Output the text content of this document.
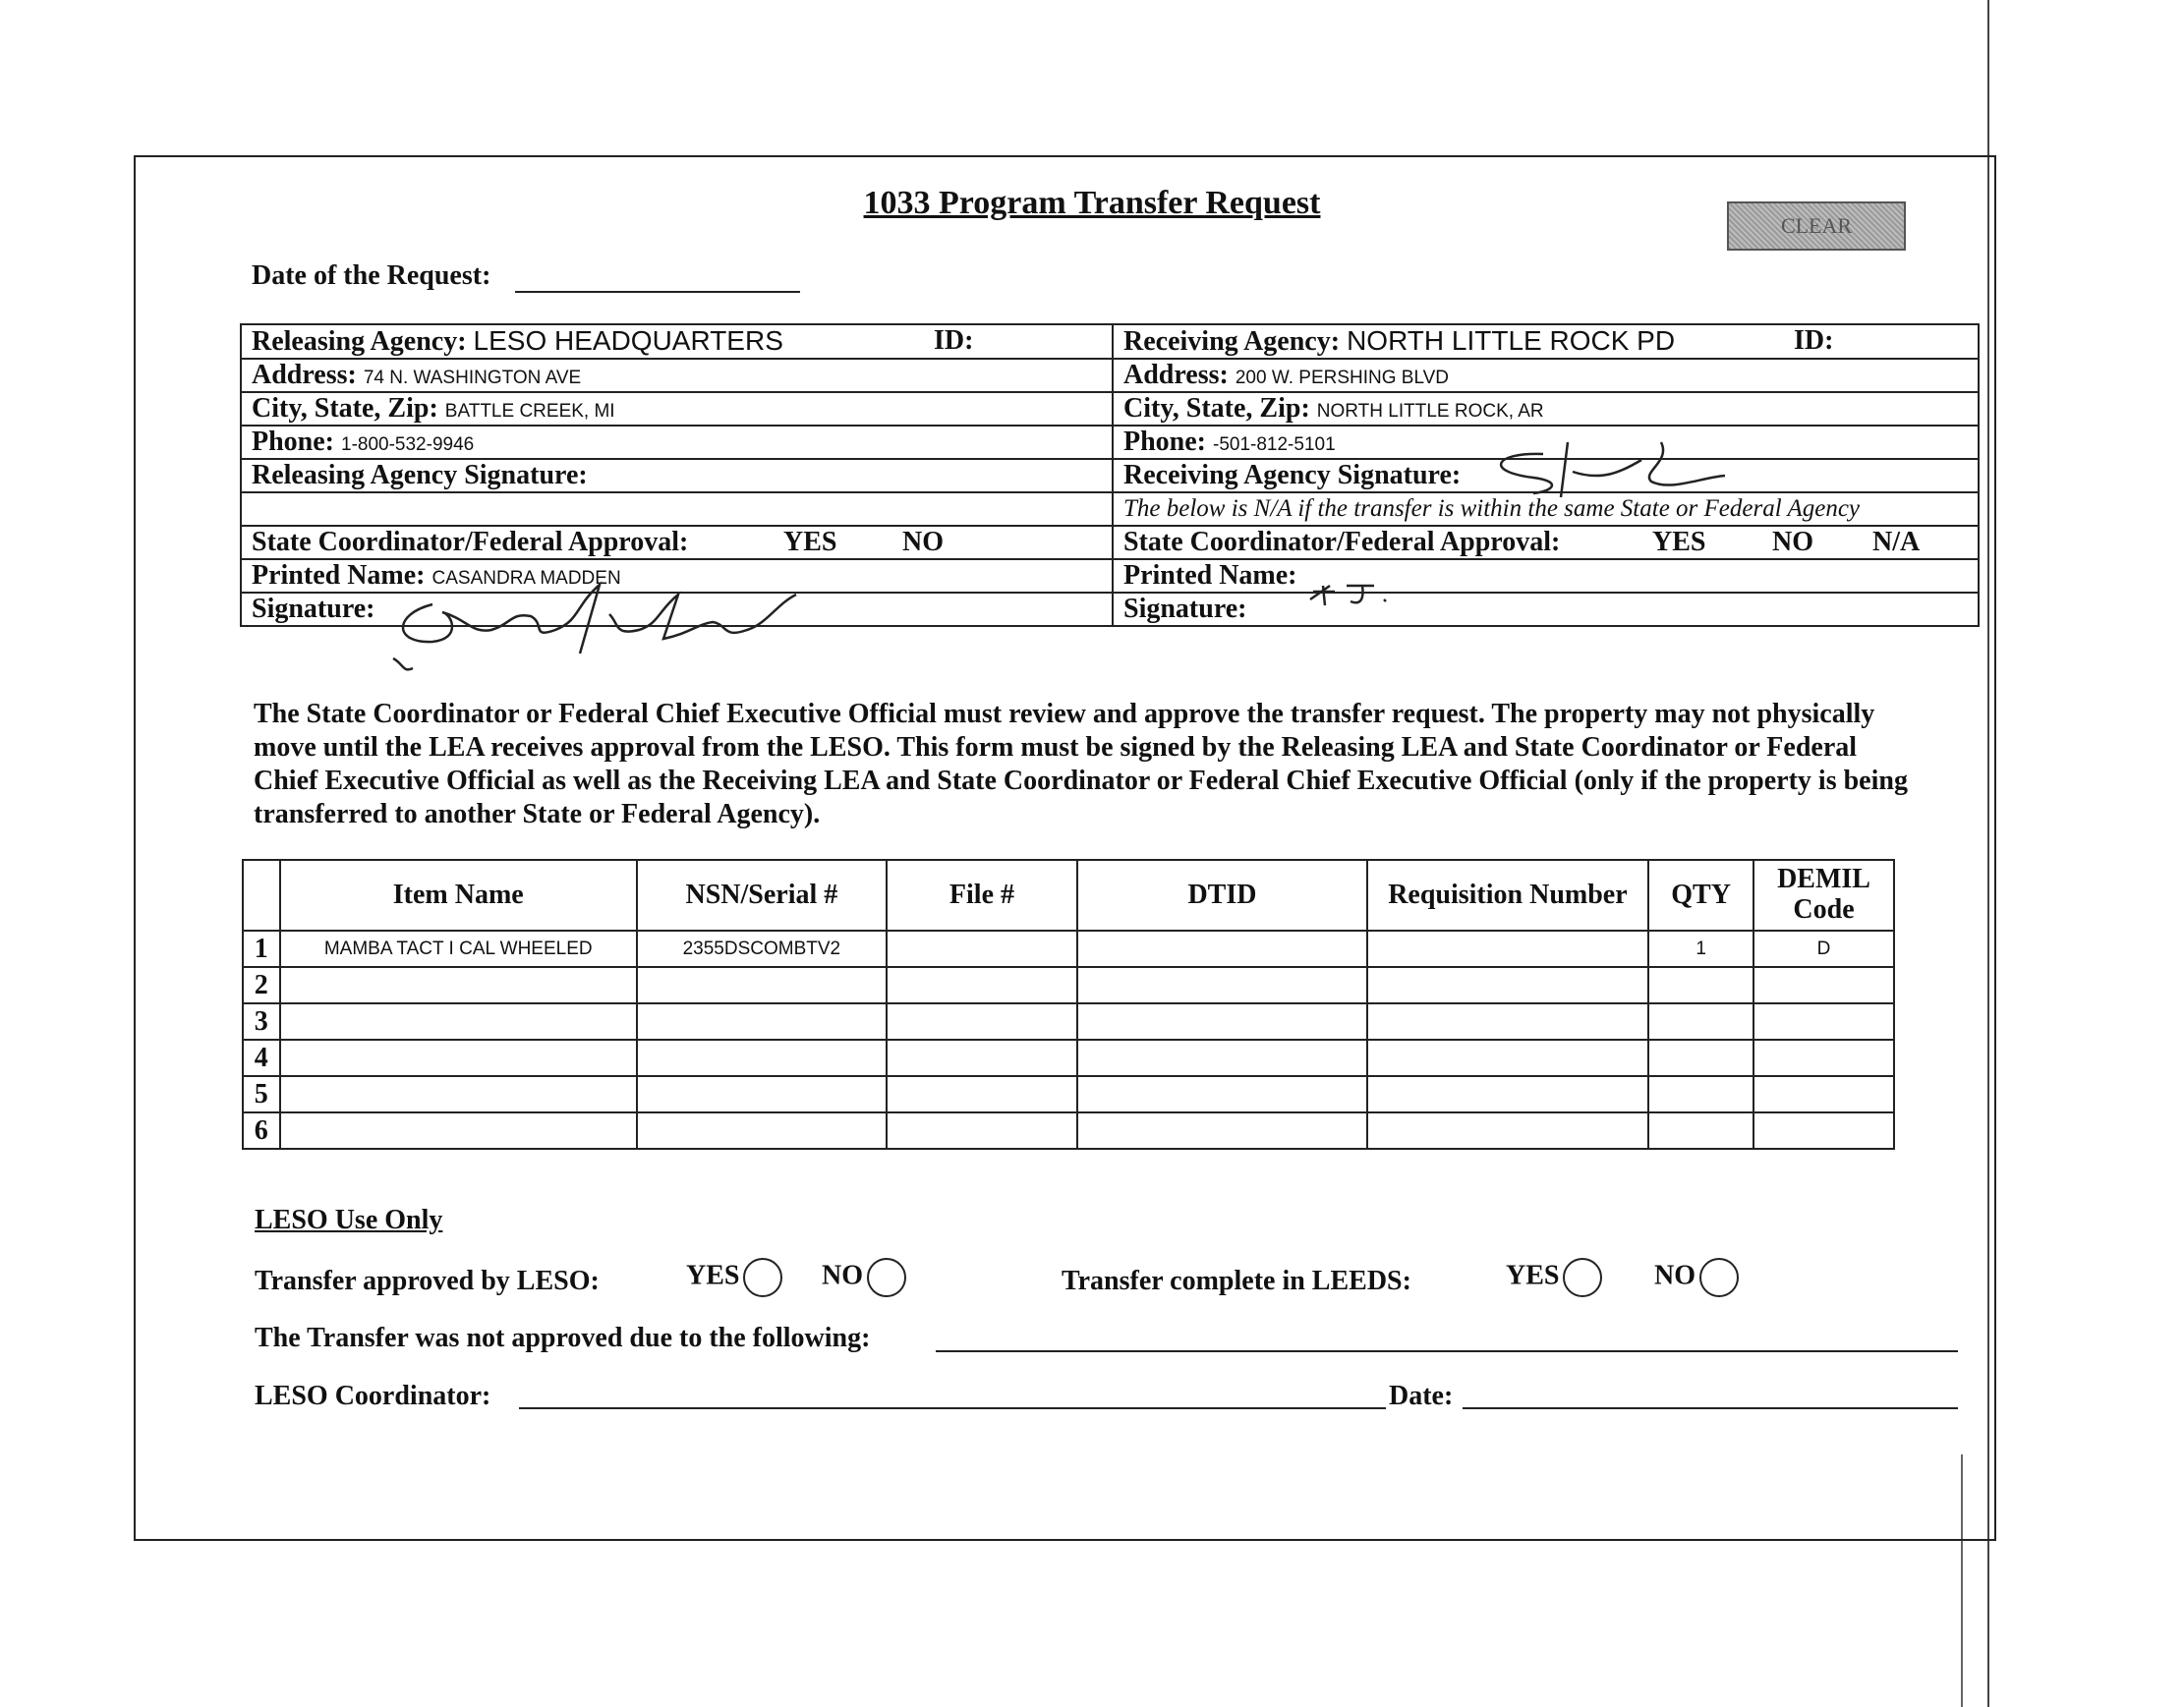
1033 Program Transfer Request
CLEAR
Date of the Request:
Releasing Agency: LESO HEADQUARTERS ID:	Receiving Agency: NORTH LITTLE ROCK PD ID:

Address: 74 N. WASHINGTON AVE	Address: 200 W. PERSHING BLVD
City, State, Zip: BATTLE CREEK, MI	City, State, Zip: NORTH LITTLE ROCK, AR
Phone: 1-800-532-9946	Phone: -501-812-5101
Releasing Agency Signature:	Receiving Agency Signature:
	The below is N/A if the transfer is within the same State or Federal Agency
State Coordinator/Federal Approval: YES NO	State Coordinator/Federal Approval: YES NO N/A

Printed Name: CASANDRA MADDEN	Printed Name:
Signature:	Signature:
The State Coordinator or Federal Chief Executive Official must review and approve the transfer request. The property may not physically move until the LEA receives approval from the LESO. This form must be signed by the Releasing LEA and State Coordinator or Federal Chief Executive Official as well as the Receiving LEA and State Coordinator or Federal Chief Executive Official (only if the property is being transferred to another State or Federal Agency).
	Item Name	NSN/Serial #	File #	DTID	Requisition Number	QTY	DEMIL Code
1	MAMBA TACT I CAL WHEELED	2355DSCOMBTV2				1	D
2							
3							
4							
5							
6							
LESO Use Only
Transfer approved by LESO:	YES	NO	Transfer complete in LEEDS:	YES	NO
The Transfer was not approved due to the following:
LESO Coordinator:	Date:
